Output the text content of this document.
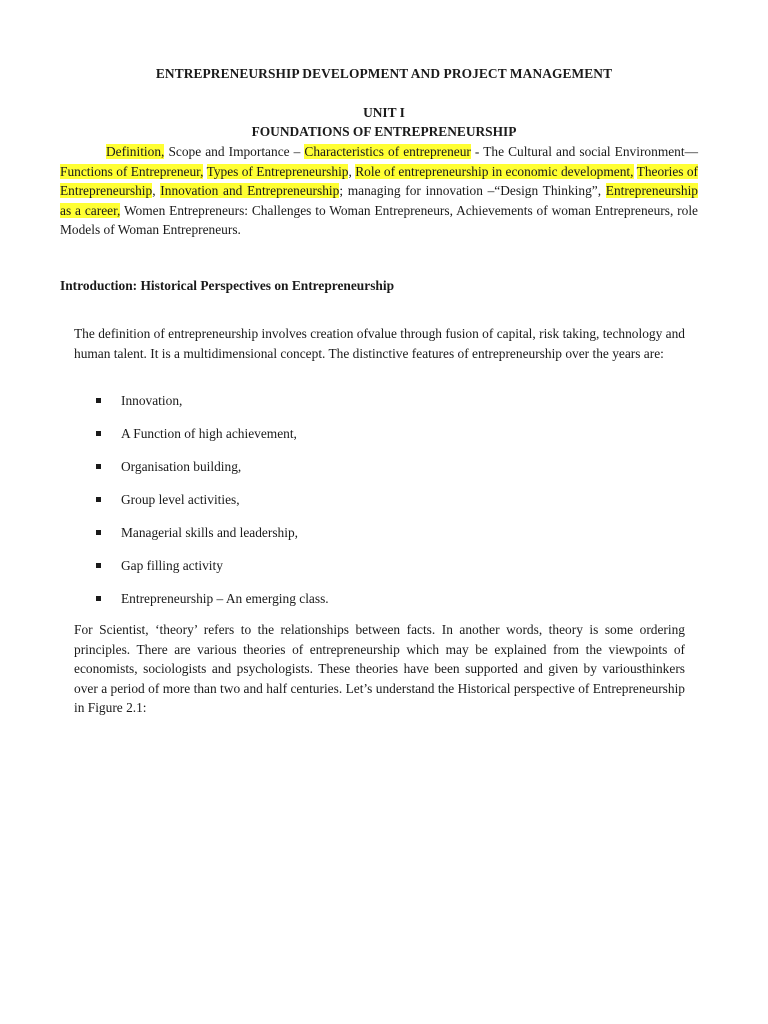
ENTREPRENEURSHIP DEVELOPMENT AND PROJECT MANAGEMENT
UNIT I
FOUNDATIONS OF ENTREPRENEURSHIP

Definition, Scope and Importance – Characteristics of entrepreneur - The Cultural and social Environment— Functions of Entrepreneur, Types of Entrepreneurship, Role of entrepreneurship in economic development, Theories of Entrepreneurship, Innovation and Entrepreneurship; managing for innovation –“Design Thinking”, Entrepreneurship as a career, Women Entrepreneurs: Challenges to Woman Entrepreneurs, Achievements of woman Entrepreneurs, role Models of Woman Entrepreneurs.

Introduction: Historical Perspectives on Entrepreneurship

The definition of entrepreneurship involves creation ofvalue through fusion of capital, risk taking, technology and human talent. It is a multidimensional concept. The distinctive features of entrepreneurship over the years are:

Innovation,
A Function of high achievement,
Organisation building,
Group level activities,
Managerial skills and leadership,
Gap filling activity
Entrepreneurship – An emerging class.

For Scientist, ‘theory’ refers to the relationships between facts. In another words, theory is some ordering principles. There are various theories of entrepreneurship which may be explained from the viewpoints of economists, sociologists and psychologists. These theories have been supported and given by variousthinkers over a period of more than two and half centuries. Let’s understand the Historical perspective of Entrepreneurship in Figure 2.1:
